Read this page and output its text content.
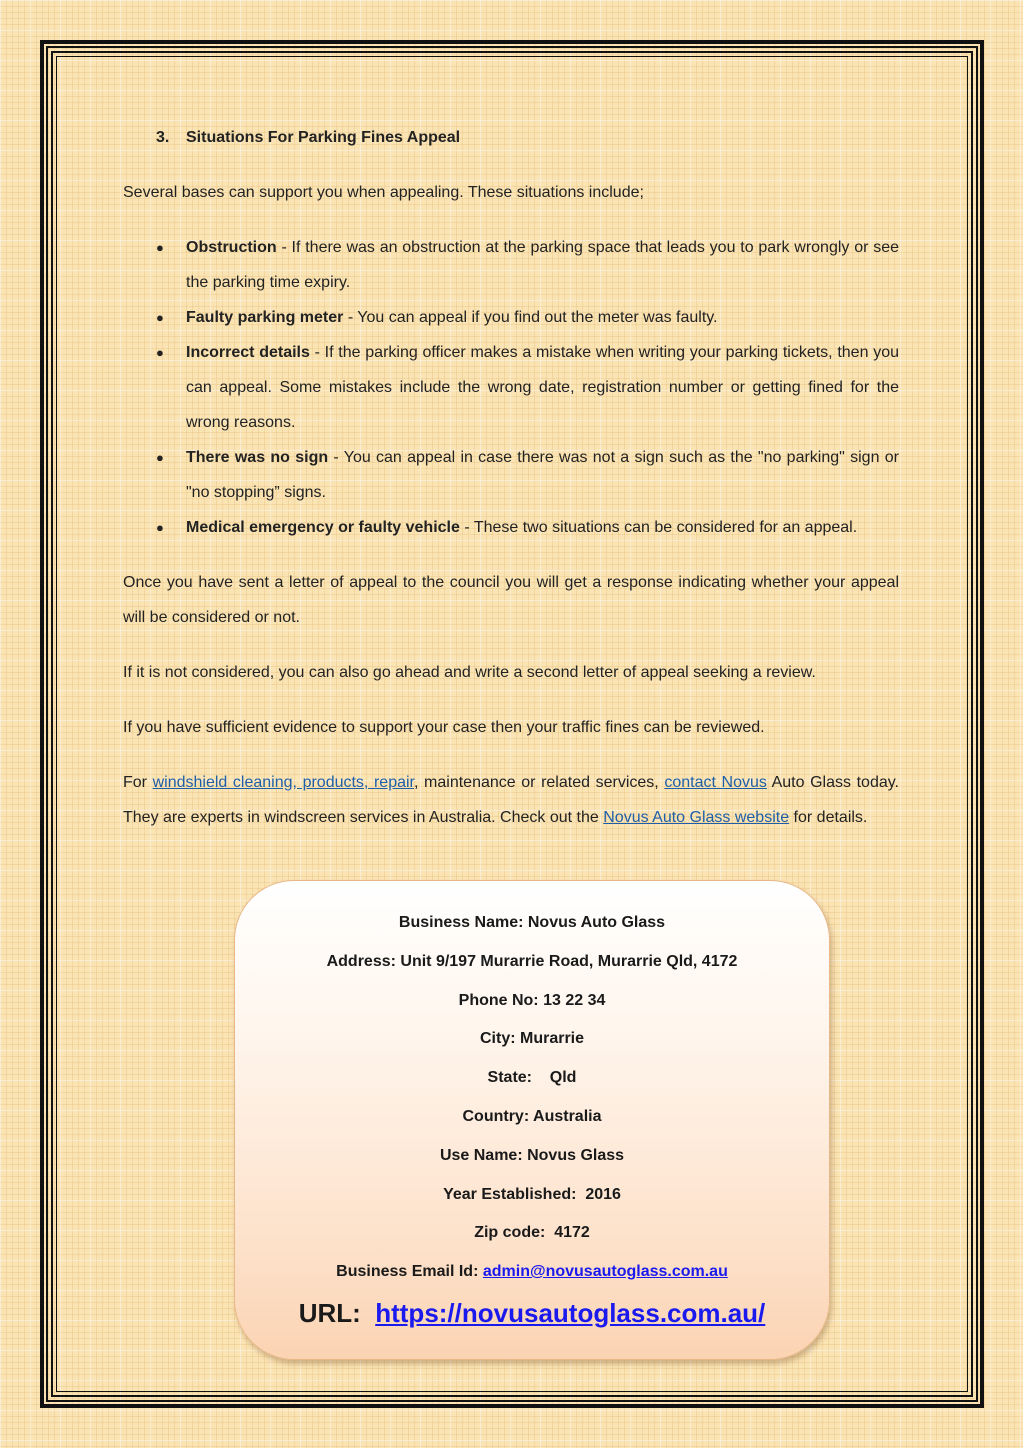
3. Situations For Parking Fines Appeal

Several bases can support you when appealing. These situations include;

● Obstruction - If there was an obstruction at the parking space that leads you to park wrongly or see the parking time expiry.
● Faulty parking meter - You can appeal if you find out the meter was faulty.
● Incorrect details - If the parking officer makes a mistake when writing your parking tickets, then you can appeal. Some mistakes include the wrong date, registration number or getting fined for the wrong reasons.
● There was no sign - You can appeal in case there was not a sign such as the "no parking" sign or "no stopping” signs.
● Medical emergency or faulty vehicle - These two situations can be considered for an appeal.

Once you have sent a letter of appeal to the council you will get a response indicating whether your appeal will be considered or not.

If it is not considered, you can also go ahead and write a second letter of appeal seeking a review.

If you have sufficient evidence to support your case then your traffic fines can be reviewed.

For windshield cleaning, products, repair, maintenance or related services, contact Novus Auto Glass today. They are experts in windscreen services in Australia. Check out the Novus Auto Glass website for details.

Business Name: Novus Auto Glass
Address: Unit 9/197 Murarrie Road, Murarrie Qld, 4172
Phone No: 13 22 34
City: Murarrie
State:    Qld
Country: Australia
Use Name: Novus Glass
Year Established:  2016
Zip code:  4172
Business Email Id: admin@novusautoglass.com.au
URL:  https://novusautoglass.com.au/
